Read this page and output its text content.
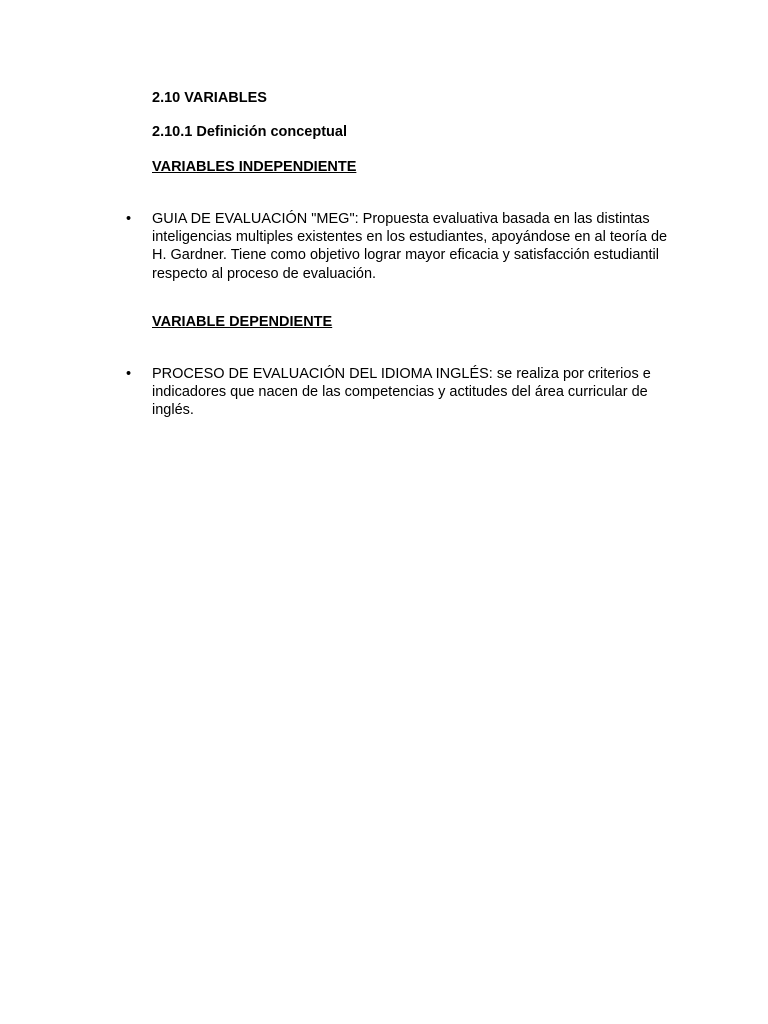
2.10 VARIABLES
2.10.1 Definición conceptual
VARIABLES INDEPENDIENTE
• GUIA DE EVALUACIÓN "MEG": Propuesta evaluativa basada en las distintas inteligencias multiples existentes en los estudiantes, apoyándose en al teoría de H. Gardner. Tiene como objetivo lograr mayor eficacia y satisfacción estudiantil respecto al proceso de evaluación.

VARIABLE DEPENDIENTE
• PROCESO DE EVALUACIÓN DEL IDIOMA INGLÉS: se realiza por criterios e indicadores que nacen de las competencias y actitudes del área curricular de inglés.
